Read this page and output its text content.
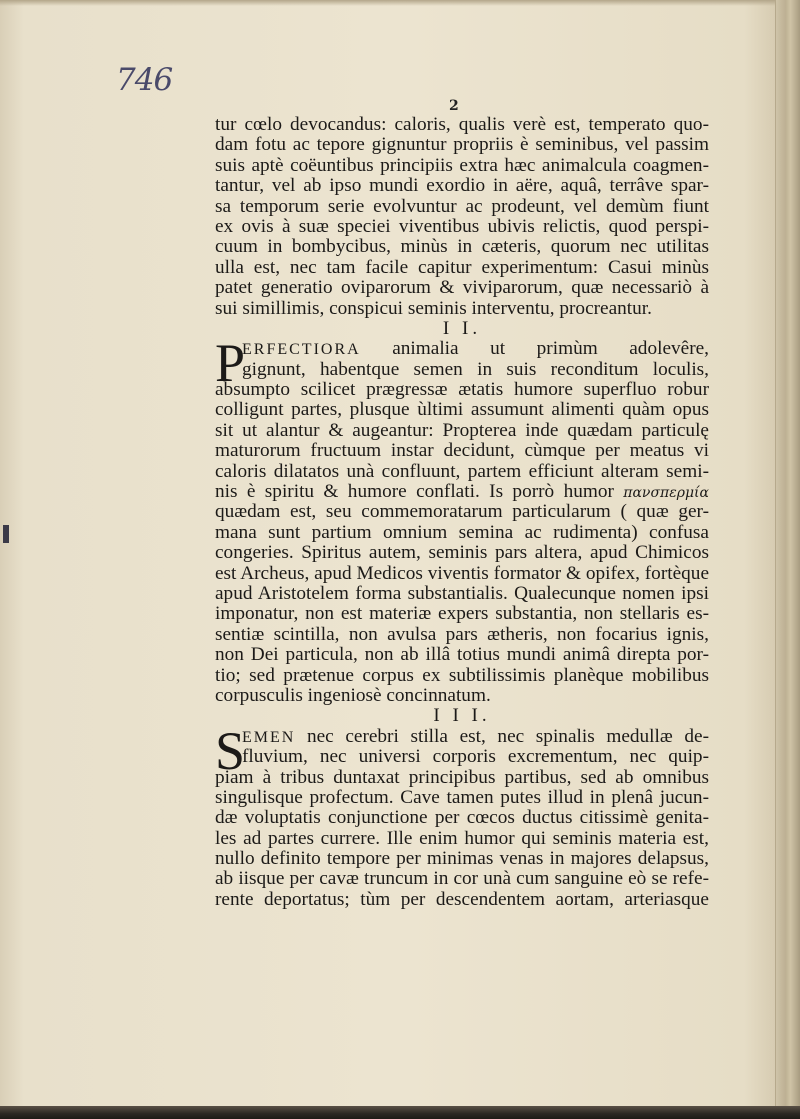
746
2
tur cœlo devocandus: caloris, qualis verè est, temperato quo-
dam fotu ac tepore gignuntur propriis è seminibus, vel passim
suis aptè coëuntibus principiis extra hæc animalcula coagmen-
tantur, vel ab ipso mundi exordio in aëre, aquâ, terrâve spar-
sa temporum serie evolvuntur ac prodeunt, vel demùm fiunt
ex ovis à suæ speciei viventibus ubivis relictis, quod perspi-
cuum in bombycibus, minùs in cæteris, quorum nec utilitas
ulla est, nec tam facile capitur experimentum: Casui minùs
patet generatio oviparorum & viviparorum, quæ necessariò à
sui simillimis, conspicui seminis interventu, procreantur.
I I.
P
ERFECTIORA animalia ut primùm adolevêre,
gignunt, habentque semen in suis reconditum loculis,
absumpto scilicet prægressæ ætatis humore superfluo robur
colligunt partes, plusque ùltimi assumunt alimenti quàm opus
sit ut alantur & augeantur: Propterea inde quædam particulę
maturorum fructuum instar decidunt, cùmque per meatus vi
caloris dilatatos unà confluunt, partem efficiunt alteram semi-
nis è spiritu & humore conflati. Is porrò humor πανσπερμία
quædam est, seu commemoratarum particularum ( quæ ger-
mana sunt partium omnium semina ac rudimenta) confusa
congeries. Spiritus autem, seminis pars altera, apud Chimicos
est Archeus, apud Medicos viventis formator & opifex, fortèque
apud Aristotelem forma substantialis. Qualecunque nomen ipsi
imponatur, non est materiæ expers substantia, non stellaris es-
sentiæ scintilla, non avulsa pars ætheris, non focarius ignis,
non Dei particula, non ab illâ totius mundi animâ direpta por-
tio; sed prætenue corpus ex subtilissimis planèque mobilibus
corpusculis ingeniosè concinnatum.
I I I.
S
EMEN nec cerebri stilla est, nec spinalis medullæ de-
fluvium, nec universi corporis excrementum, nec quip-
piam à tribus duntaxat principibus partibus, sed ab omnibus
singulisque profectum. Cave tamen putes illud in plenâ jucun-
dæ voluptatis conjunctione per cœcos ductus citissimè genita-
les ad partes currere. Ille enim humor qui seminis materia est,
nullo definito tempore per minimas venas in majores delapsus,
ab iisque per cavæ truncum in cor unà cum sanguine eò se refe-
rente deportatus; tùm per descendentem aortam, arteriasque
